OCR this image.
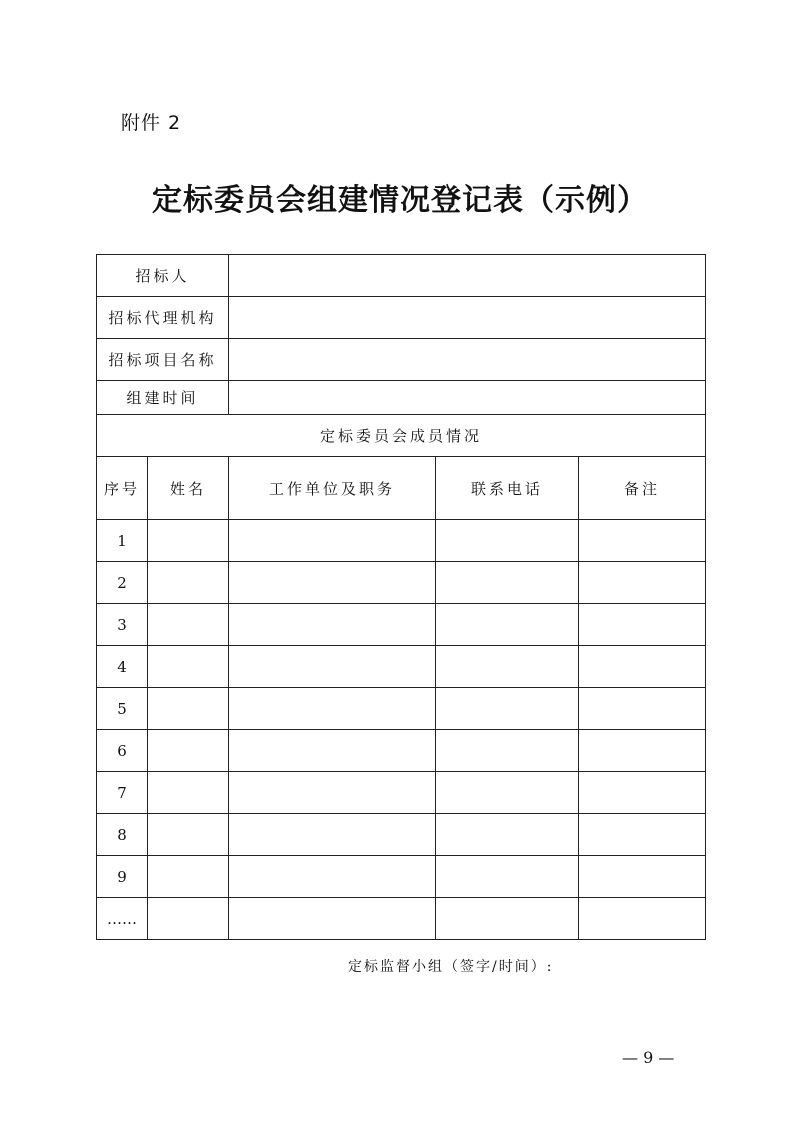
附件 2
定标委员会组建情况登记表（示例）
招标人				
招标代理机构				
招标项目名称				
组建时间				
定标委员会成员情况				
序号	姓名	工作单位及职务	联系电话	备注
1				
2				
3				
4				
5				
6				
7				
8				
9				
……				
定标监督小组（签字/时间）:
— 9 —
